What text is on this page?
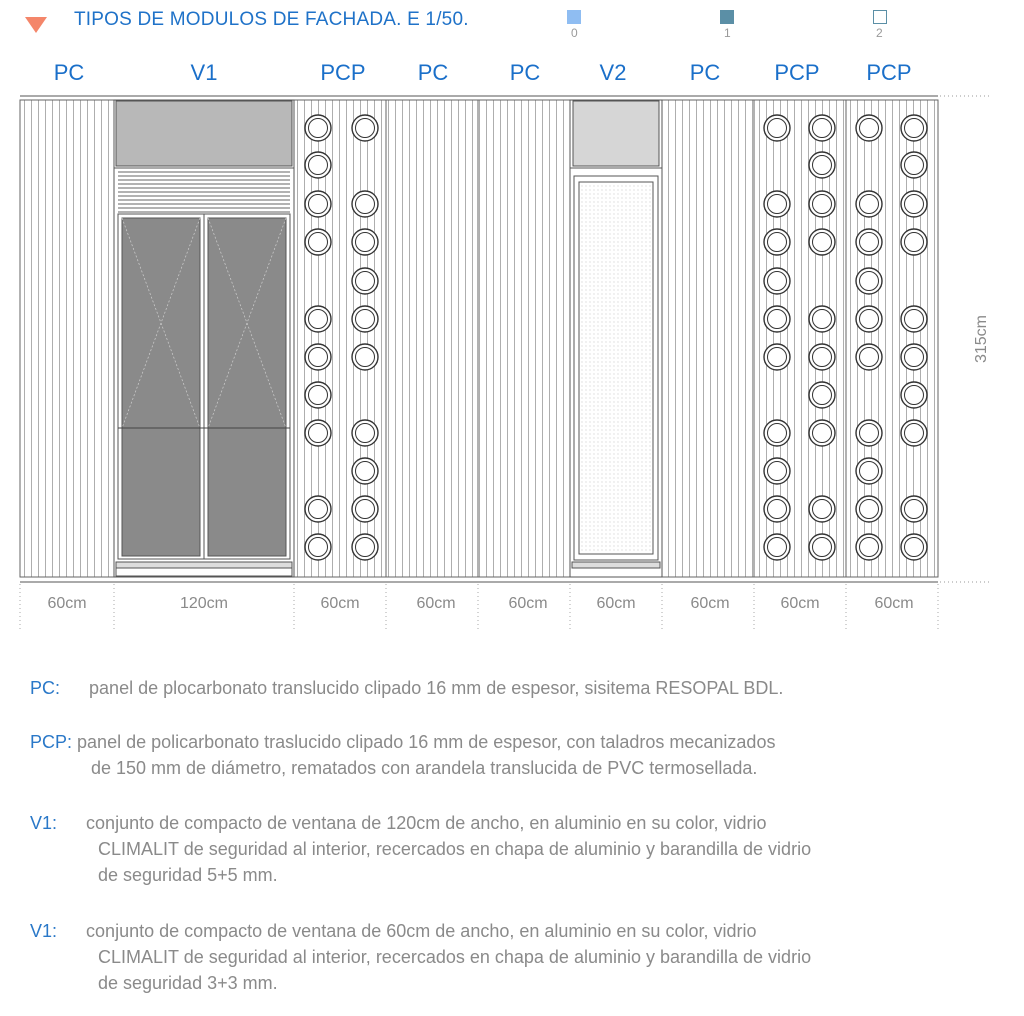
TIPOS DE MODULOS DE FACHADA. E 1/50.
0	1	2
PC	V1	PCP	PC	PC	V2	PC	PCP	PCP
60cm	120cm	60cm	60cm	60cm	60cm	60cm	60cm	60cm
315cm
PC: panel de plocarbonato translucido clipado 16 mm de espesor, sisitema RESOPAL BDL.
PCP: panel de policarbonato traslucido clipado 16 mm de espesor, con taladros mecanizados
de 150 mm de diámetro, rematados con arandela translucida de PVC termosellada.
V1: conjunto de compacto de ventana de 120cm de ancho, en aluminio en su color, vidrio
CLIMALIT de seguridad al interior, recercados en chapa de aluminio y barandilla de vidrio
de seguridad 5+5 mm.
V1: conjunto de compacto de ventana de 60cm de ancho, en aluminio en su color, vidrio
CLIMALIT de seguridad al interior, recercados en chapa de aluminio y barandilla de vidrio
de seguridad 3+3 mm.
